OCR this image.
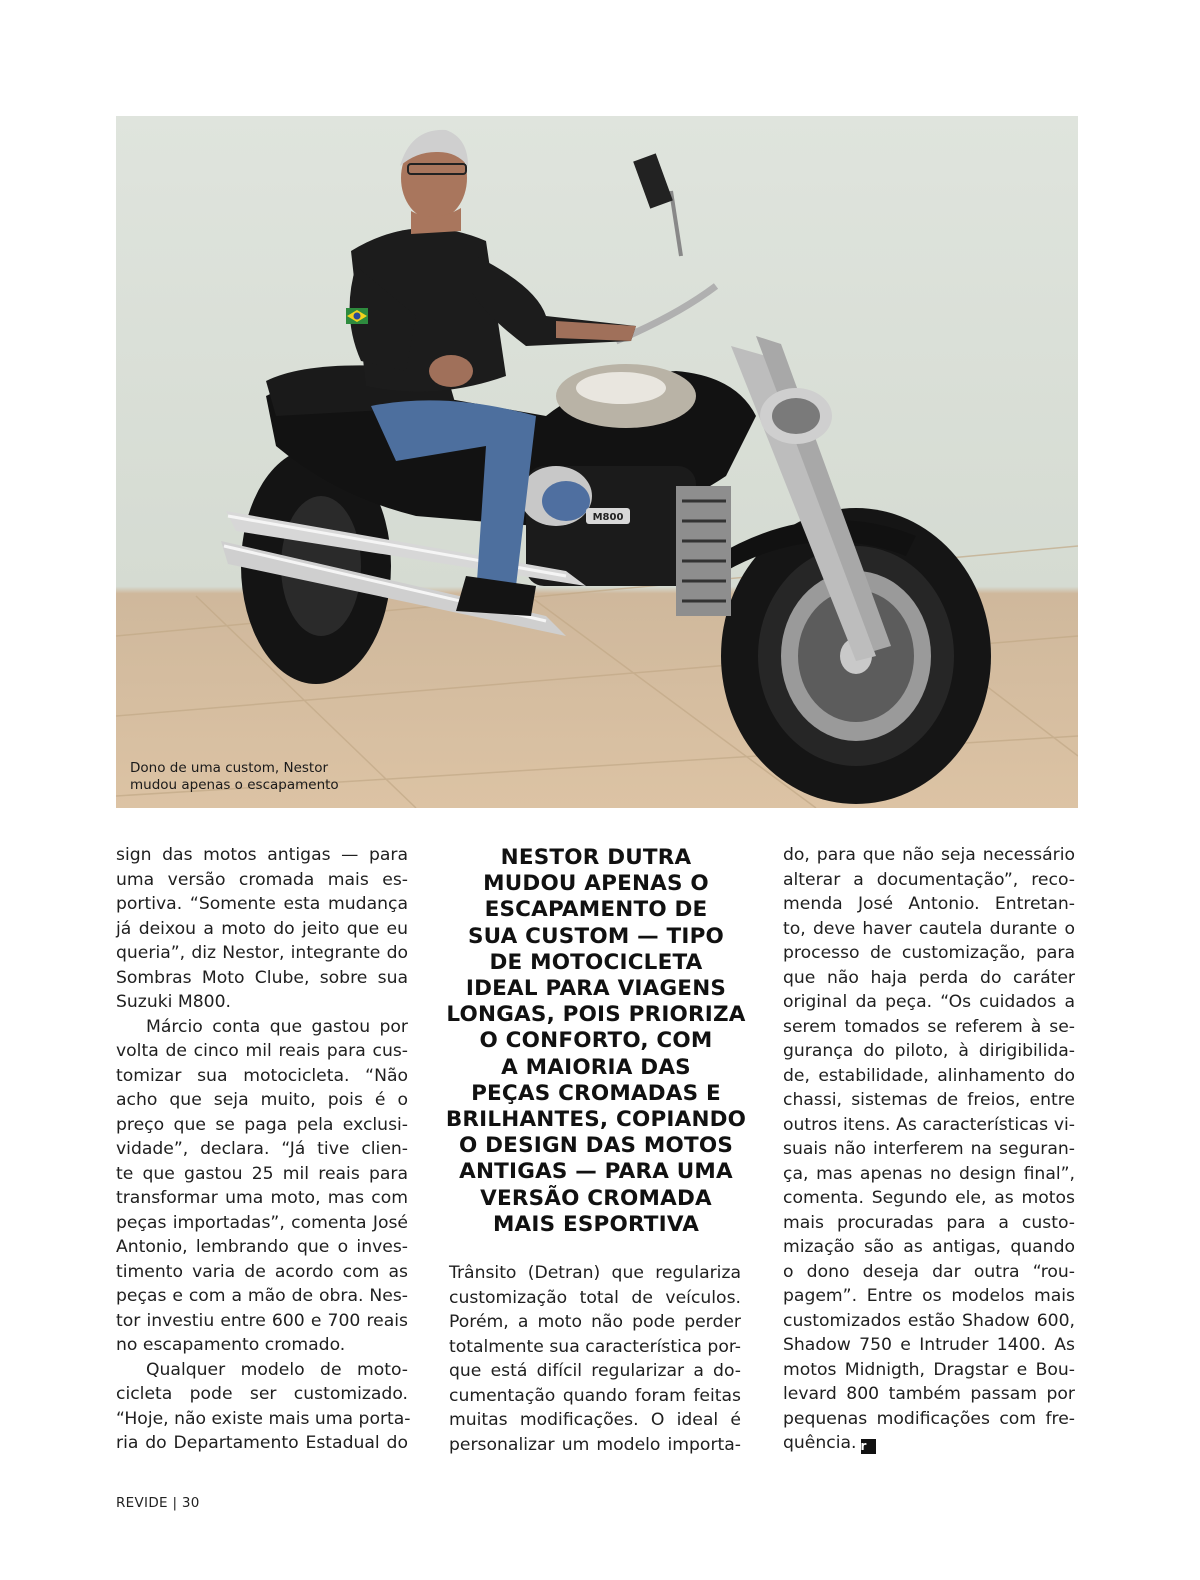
M800
Dono de uma custom, Nestor
mudou apenas o escapamento

sign das motos antigas — para
uma versão cromada mais es-
portiva. “Somente esta mudança
já deixou a moto do jeito que eu
queria”, diz Nestor, integrante do
Sombras Moto Clube, sobre sua
Suzuki M800.

Márcio conta que gastou por
volta de cinco mil reais para cus-
tomizar sua motocicleta. “Não
acho que seja muito, pois é o
preço que se paga pela exclusi-
vidade”, declara. “Já tive clien-
te que gastou 25 mil reais para
transformar uma moto, mas com
peças importadas”, comenta José
Antonio, lembrando que o inves-
timento varia de acordo com as
peças e com a mão de obra. Nes-
tor investiu entre 600 e 700 reais
no escapamento cromado.

Qualquer modelo de moto-
cicleta pode ser customizado.
“Hoje, não existe mais uma porta-
ria do Departamento Estadual do

NESTOR DUTRA
MUDOU APENAS O
ESCAPAMENTO DE
SUA CUSTOM — TIPO
DE MOTOCICLETA
IDEAL PARA VIAGENS
LONGAS, POIS PRIORIZA
O CONFORTO, COM
A MAIORIA DAS
PEÇAS CROMADAS E
BRILHANTES, COPIANDO
O DESIGN DAS MOTOS
ANTIGAS — PARA UMA
VERSÃO CROMADA
MAIS ESPORTIVA

Trânsito (Detran) que regulariza
customização total de veículos.
Porém, a moto não pode perder
totalmente sua característica por-
que está difícil regularizar a do-
cumentação quando foram feitas
muitas modificações. O ideal é
personalizar um modelo importa-

do, para que não seja necessário
alterar a documentação”, reco-
menda José Antonio. Entretan-
to, deve haver cautela durante o
processo de customização, para
que não haja perda do caráter
original da peça. “Os cuidados a
serem tomados se referem à se-
gurança do piloto, à dirigibilida-
de, estabilidade, alinhamento do
chassi, sistemas de freios, entre
outros itens. As características vi-
suais não interferem na seguran-
ça, mas apenas no design final”,
comenta. Segundo ele, as motos
mais procuradas para a custo-
mização são as antigas, quando
o dono deseja dar outra “rou-
pagem”. Entre os modelos mais
customizados estão Shadow 600,
Shadow 750 e Intruder 1400. As
motos Midnigth, Dragstar e Bou-
levard 800 também passam por
pequenas modificações com fre-
quência. r

REVIDE | 30
